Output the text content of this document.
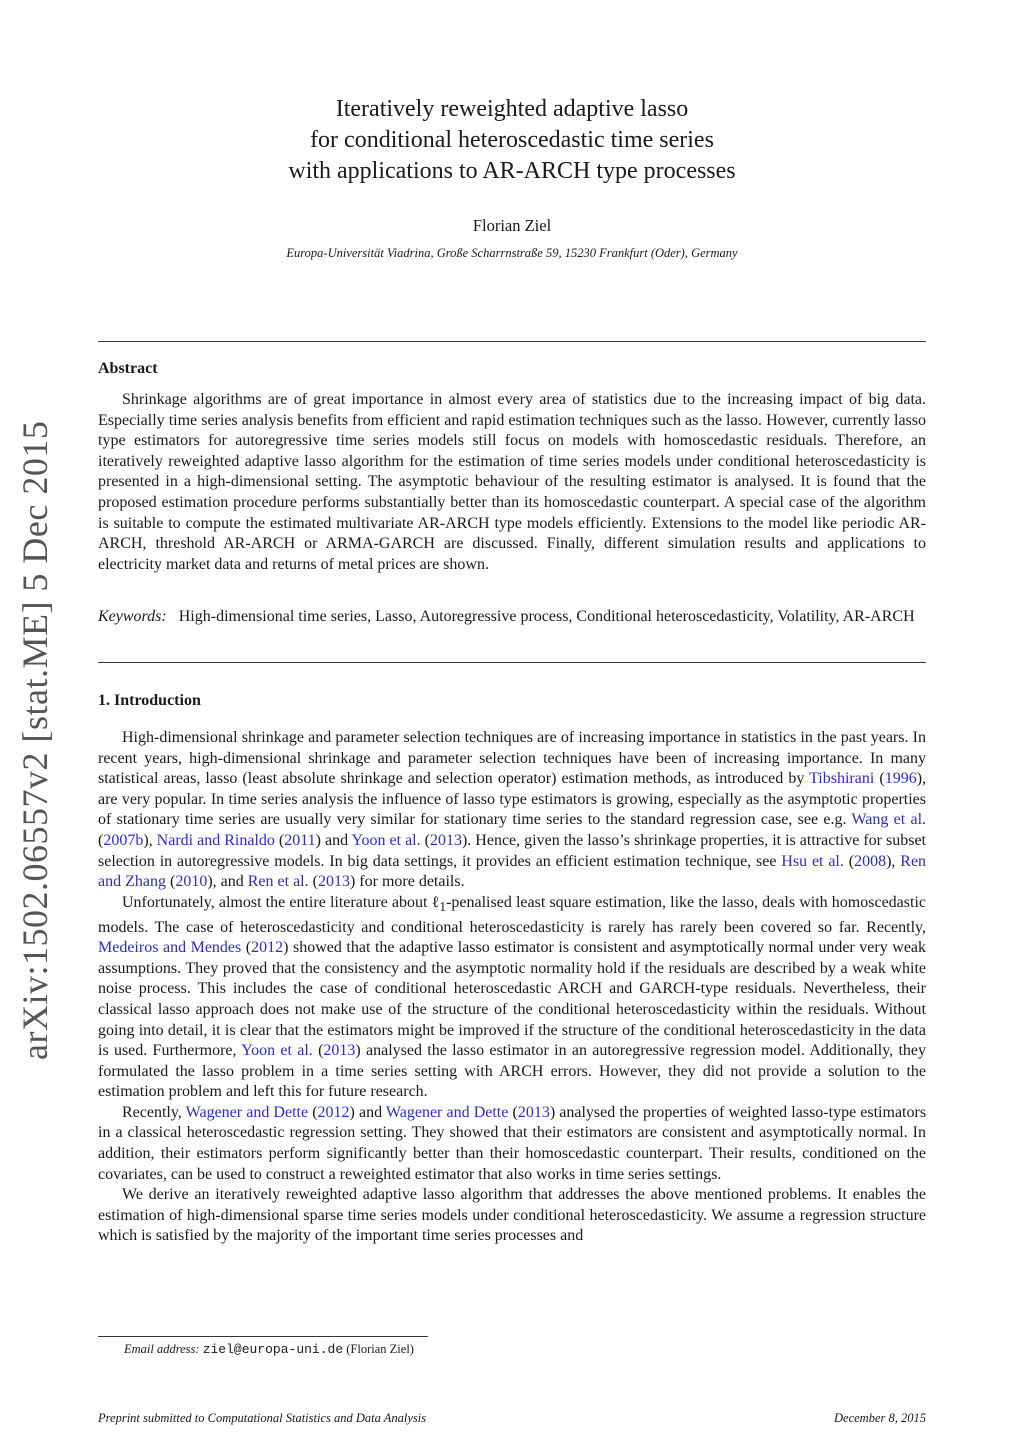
arXiv:1502.06557v2 [stat.ME] 5 Dec 2015
Iteratively reweighted adaptive lasso
for conditional heteroscedastic time series
with applications to AR-ARCH type processes
Florian Ziel
Europa-Universität Viadrina, Große Scharrnstraße 59, 15230 Frankfurt (Oder), Germany
Abstract

Shrinkage algorithms are of great importance in almost every area of statistics due to the increasing impact of big data. Especially time series analysis benefits from efficient and rapid estimation techniques such as the lasso. However, currently lasso type estimators for autoregressive time series models still focus on models with homoscedastic residuals. Therefore, an iteratively reweighted adaptive lasso algorithm for the estimation of time series models under conditional heteroscedasticity is presented in a high-dimensional setting. The asymptotic behaviour of the resulting estimator is analysed. It is found that the proposed estimation procedure performs substantially better than its homoscedastic counterpart. A special case of the algorithm is suitable to compute the estimated multivariate AR-ARCH type models efficiently. Extensions to the model like periodic AR-ARCH, threshold AR-ARCH or ARMA-GARCH are discussed. Finally, different simulation results and applications to electricity market data and returns of metal prices are shown.

Keywords: High-dimensional time series, Lasso, Autoregressive process, Conditional heteroscedasticity, Volatility, AR-ARCH
1. Introduction

High-dimensional shrinkage and parameter selection techniques are of increasing importance in statistics in the past years. In recent years, high-dimensional shrinkage and parameter selection techniques have been of increasing importance. In many statistical areas, lasso (least absolute shrinkage and selection operator) estimation methods, as introduced by Tibshirani (1996), are very popular. In time series analysis the influence of lasso type estimators is growing, especially as the asymptotic properties of stationary time series are usually very similar for stationary time series to the standard regression case, see e.g. Wang et al. (2007b), Nardi and Rinaldo (2011) and Yoon et al. (2013). Hence, given the lasso’s shrinkage properties, it is attractive for subset selection in autoregressive models. In big data settings, it provides an efficient estimation technique, see Hsu et al. (2008), Ren and Zhang (2010), and Ren et al. (2013) for more details.

Unfortunately, almost the entire literature about ℓ$_1$-penalised least square estimation, like the lasso, deals with homoscedastic models. The case of heteroscedasticity and conditional heteroscedasticity is rarely has rarely been covered so far. Recently, Medeiros and Mendes (2012) showed that the adaptive lasso estimator is consistent and asymptotically normal under very weak assumptions. They proved that the consistency and the asymptotic normality hold if the residuals are described by a weak white noise process. This includes the case of conditional heteroscedastic ARCH and GARCH-type residuals. Nevertheless, their classical lasso approach does not make use of the structure of the conditional heteroscedasticity within the residuals. Without going into detail, it is clear that the estimators might be improved if the structure of the conditional heteroscedasticity in the data is used. Furthermore, Yoon et al. (2013) analysed the lasso estimator in an autoregressive regression model. Additionally, they formulated the lasso problem in a time series setting with ARCH errors. However, they did not provide a solution to the estimation problem and left this for future research.

Recently, Wagener and Dette (2012) and Wagener and Dette (2013) analysed the properties of weighted lasso-type estimators in a classical heteroscedastic regression setting. They showed that their estimators are consistent and asymptotically normal. In addition, their estimators perform significantly better than their homoscedastic counterpart. Their results, conditioned on the covariates, can be used to construct a reweighted estimator that also works in time series settings.

We derive an iteratively reweighted adaptive lasso algorithm that addresses the above mentioned problems. It enables the estimation of high-dimensional sparse time series models under conditional heteroscedasticity. We assume a regression structure which is satisfied by the majority of the important time series processes and

Email address: ziel@europa-uni.de (Florian Ziel)
Preprint submitted to Computational Statistics and Data Analysis	December 8, 2015
